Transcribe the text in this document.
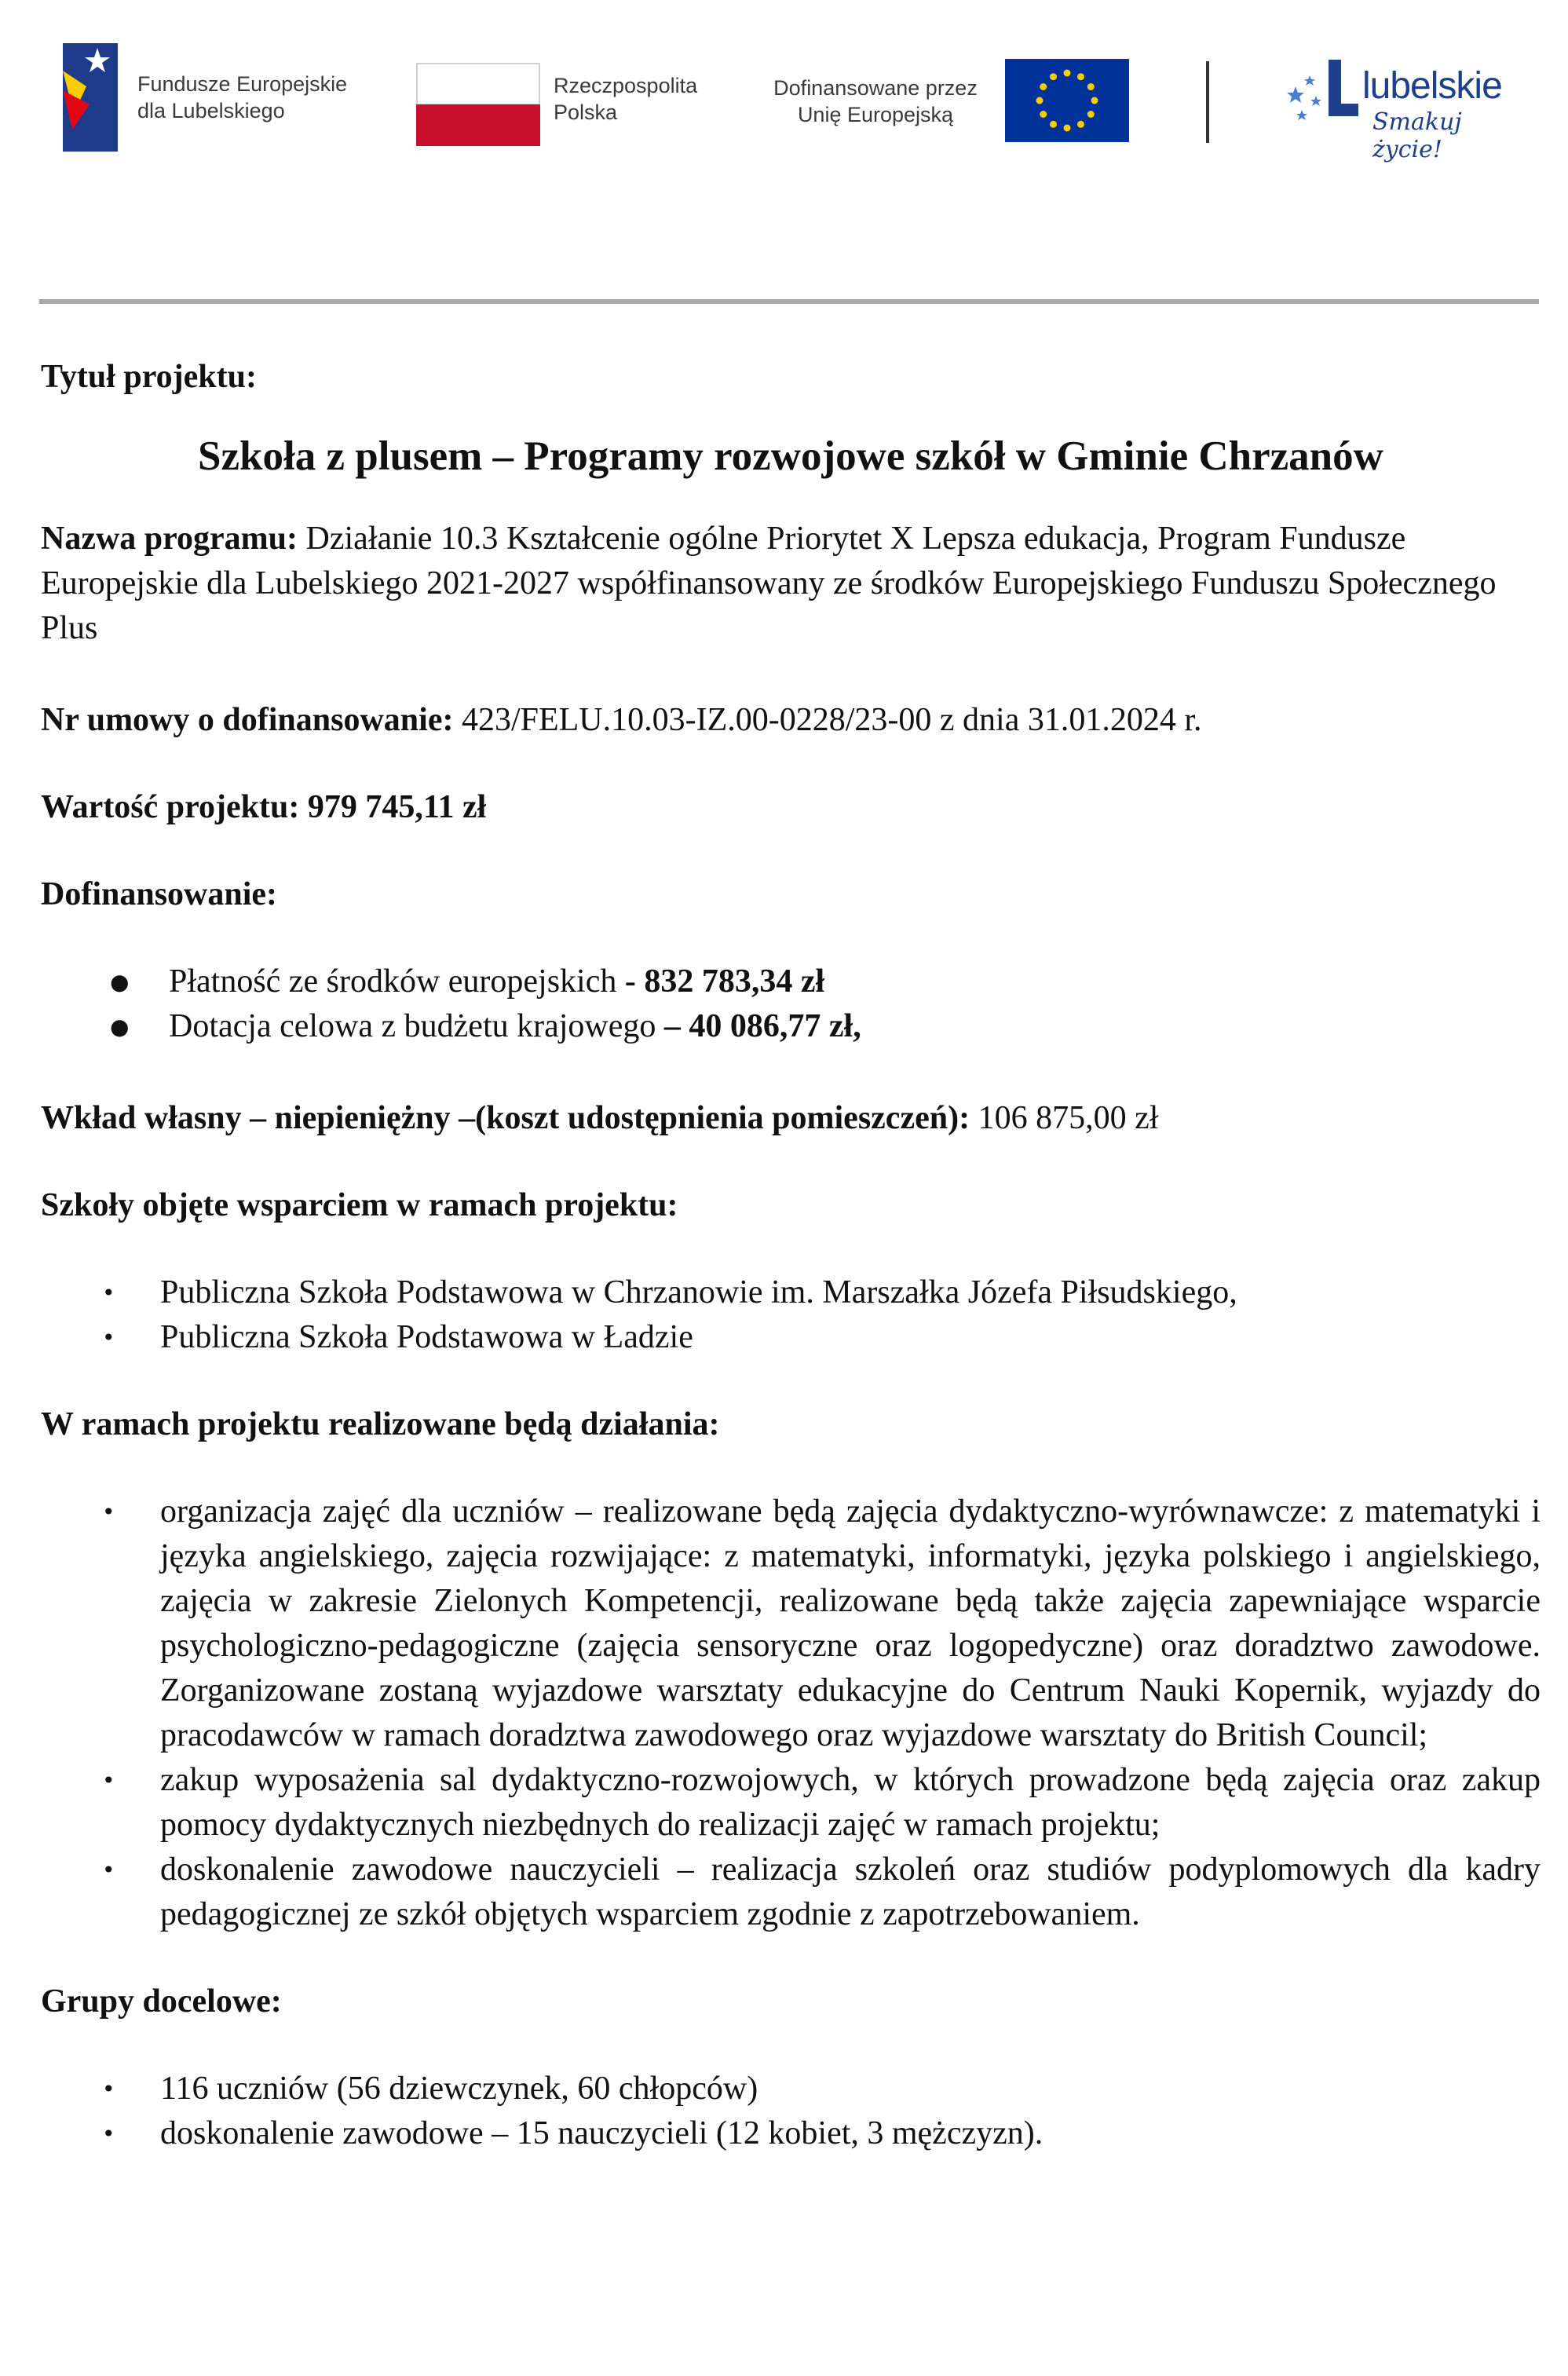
Fundusze Europejskie
dla Lubelskiego
Rzeczpospolita
Polska
Dofinansowane przez
Unię Europejską
lubelskie
Smakuj życie!

Tytuł projektu:

Szkoła z plusem – Programy rozwojowe szkół w Gminie Chrzanów

Nazwa programu: Działanie 10.3 Kształcenie ogólne Priorytet X Lepsza edukacja, Program Fundusze Europejskie dla Lubelskiego 2021-2027 współfinansowany ze środków Europejskiego Funduszu Społecznego Plus

Nr umowy o dofinansowanie: 423/FELU.10.03-IZ.00-0228/23-00 z dnia 31.01.2024 r.

Wartość projektu: 979 745,11 zł

Dofinansowanie:

●	Płatność ze środków europejskich - 832 783,34 zł
●	Dotacja celowa z budżetu krajowego – 40 086,77 zł,

Wkład własny – niepieniężny –(koszt udostępnienia pomieszczeń): 106 875,00 zł

Szkoły objęte wsparciem w ramach projektu:

•	Publiczna Szkoła Podstawowa w Chrzanowie im. Marszałka Józefa Piłsudskiego,
•	Publiczna Szkoła Podstawowa w Ładzie

W ramach projektu realizowane będą działania:

•	organizacja zajęć dla uczniów – realizowane będą zajęcia dydaktyczno-wyrównawcze: z matematyki i języka angielskiego, zajęcia rozwijające: z matematyki, informatyki, języka polskiego i angielskiego, zajęcia w zakresie Zielonych Kompetencji, realizowane będą także zajęcia zapewniające wsparcie psychologiczno-pedagogiczne (zajęcia sensoryczne oraz logopedyczne) oraz doradztwo zawodowe. Zorganizowane zostaną wyjazdowe warsztaty edukacyjne do Centrum Nauki Kopernik, wyjazdy do pracodawców w ramach doradztwa zawodowego oraz wyjazdowe warsztaty do British Council;
•	zakup wyposażenia sal dydaktyczno-rozwojowych, w których prowadzone będą zajęcia oraz zakup pomocy dydaktycznych niezbędnych do realizacji zajęć w ramach projektu;
•	doskonalenie zawodowe nauczycieli – realizacja szkoleń oraz studiów podyplomowych dla kadry pedagogicznej ze szkół objętych wsparciem zgodnie z zapotrzebowaniem.

Grupy docelowe:

•	116 uczniów (56 dziewczynek, 60 chłopców)
•	doskonalenie zawodowe – 15 nauczycieli (12 kobiet, 3 mężczyzn).
